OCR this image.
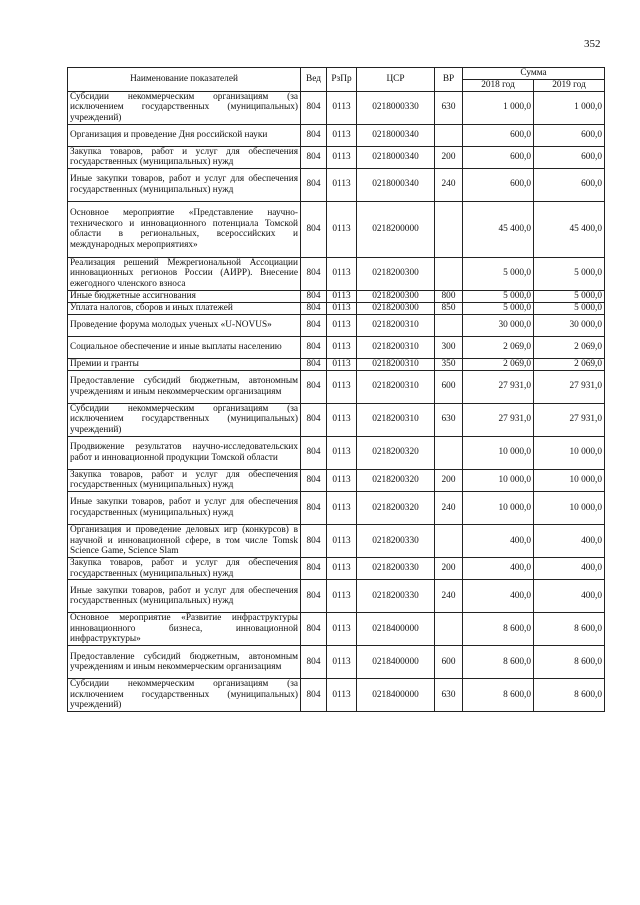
352
Наименование показателей	Вед	РзПр	ЦСР	ВР	Сумма	
					2018 год	2019 год
Субсидии некоммерческим организациям (за исключением государственных (муниципальных) учреждений)	804	0113	0218000330	630	1 000,0	1 000,0
Организация и проведение Дня российской науки	804	0113	0218000340		600,0	600,0
Закупка товаров, работ и услуг для обеспечения государственных (муниципальных) нужд	804	0113	0218000340	200	600,0	600,0
Иные закупки товаров, работ и услуг для обеспечения государственных (муниципальных) нужд	804	0113	0218000340	240	600,0	600,0
Основное мероприятие «Представление научно-технического и инновационного потенциала Томской области в региональных, всероссийских и международных мероприятиях»	804	0113	0218200000		45 400,0	45 400,0
Реализация решений Межрегиональной Ассоциации инновационных регионов России (АИРР). Внесение ежегодного членского взноса	804	0113	0218200300		5 000,0	5 000,0
Иные бюджетные ассигнования	804	0113	0218200300	800	5 000,0	5 000,0
Уплата налогов, сборов и иных платежей	804	0113	0218200300	850	5 000,0	5 000,0
Проведение форума молодых ученых «U-NOVUS»	804	0113	0218200310		30 000,0	30 000,0
Социальное обеспечение и иные выплаты населению	804	0113	0218200310	300	2 069,0	2 069,0
Премии и гранты	804	0113	0218200310	350	2 069,0	2 069,0
Предоставление субсидий бюджетным, автономным учреждениям и иным некоммерческим организациям	804	0113	0218200310	600	27 931,0	27 931,0
Субсидии некоммерческим организациям (за исключением государственных (муниципальных) учреждений)	804	0113	0218200310	630	27 931,0	27 931,0
Продвижение результатов научно-исследовательских работ и инновационной продукции Томской области	804	0113	0218200320		10 000,0	10 000,0
Закупка товаров, работ и услуг для обеспечения государственных (муниципальных) нужд	804	0113	0218200320	200	10 000,0	10 000,0
Иные закупки товаров, работ и услуг для обеспечения государственных (муниципальных) нужд	804	0113	0218200320	240	10 000,0	10 000,0
Организация и проведение деловых игр (конкурсов) в научной и инновационной сфере, в том числе Tomsk Science Game, Science Slam	804	0113	0218200330		400,0	400,0
Закупка товаров, работ и услуг для обеспечения государственных (муниципальных) нужд	804	0113	0218200330	200	400,0	400,0
Иные закупки товаров, работ и услуг для обеспечения государственных (муниципальных) нужд	804	0113	0218200330	240	400,0	400,0
Основное мероприятие «Развитие инфраструктуры инновационного бизнеса, инновационной инфраструктуры»	804	0113	0218400000		8 600,0	8 600,0
Предоставление субсидий бюджетным, автономным учреждениям и иным некоммерческим организациям	804	0113	0218400000	600	8 600,0	8 600,0
Субсидии некоммерческим организациям (за исключением государственных (муниципальных) учреждений)	804	0113	0218400000	630	8 600,0	8 600,0
